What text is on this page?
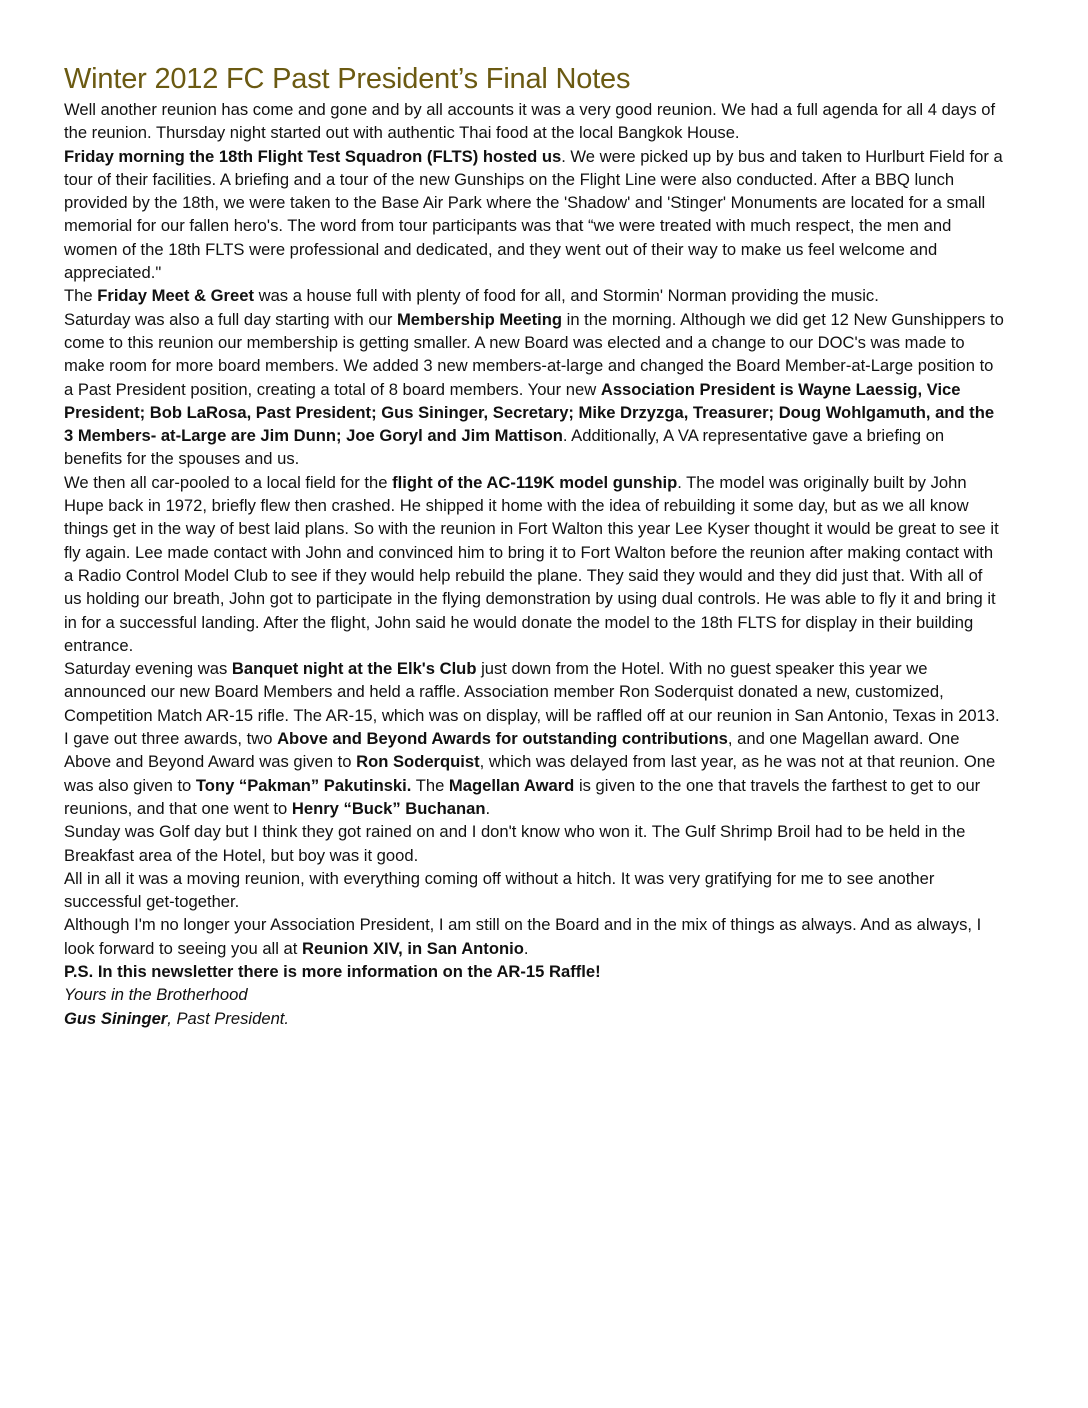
Winter 2012 FC Past President’s Final Notes

Well another reunion has come and gone and by all accounts it was a very good reunion. We had a full agenda for all 4 days of the reunion. Thursday night started out with authentic Thai food at the local Bangkok House.

Friday morning the 18th Flight Test Squadron (FLTS) hosted us. We were picked up by bus and taken to Hurlburt Field for a tour of their facilities. A briefing and a tour of the new Gunships on the Flight Line were also conducted. After a BBQ lunch provided by the 18th, we were taken to the Base Air Park where the 'Shadow' and 'Stinger' Monuments are located for a small memorial for our fallen hero's. The word from tour participants was that “we were treated with much respect, the men and women of the 18th FLTS were professional and dedicated, and they went out of their way to make us feel welcome and appreciated."

The Friday Meet & Greet was a house full with plenty of food for all, and Stormin' Norman providing the music.

Saturday was also a full day starting with our Membership Meeting in the morning. Although we did get 12 New Gunshippers to come to this reunion our membership is getting smaller. A new Board was elected and a change to our DOC's was made to make room for more board members. We added 3 new members-at-large and changed the Board Member-at-Large position to a Past President position, creating a total of 8 board members. Your new Association President is Wayne Laessig, Vice President; Bob LaRosa, Past President; Gus Sininger, Secretary; Mike Drzyzga, Treasurer; Doug Wohlgamuth, and the 3 Members- at-Large are Jim Dunn; Joe Goryl and Jim Mattison. Additionally, A VA representative gave a briefing on benefits for the spouses and us.

We then all car-pooled to a local field for the flight of the AC-119K model gunship. The model was originally built by John Hupe back in 1972, briefly flew then crashed. He shipped it home with the idea of rebuilding it some day, but as we all know things get in the way of best laid plans. So with the reunion in Fort Walton this year Lee Kyser thought it would be great to see it fly again. Lee made contact with John and convinced him to bring it to Fort Walton before the reunion after making contact with a Radio Control Model Club to see if they would help rebuild the plane. They said they would and they did just that. With all of us holding our breath, John got to participate in the flying demonstration by using dual controls. He was able to fly it and bring it in for a successful landing. After the flight, John said he would donate the model to the 18th FLTS for display in their building entrance.

Saturday evening was Banquet night at the Elk's Club just down from the Hotel. With no guest speaker this year we announced our new Board Members and held a raffle. Association member Ron Soderquist donated a new, customized, Competition Match AR-15 rifle. The AR-15, which was on display, will be raffled off at our reunion in San Antonio, Texas in 2013.

I gave out three awards, two Above and Beyond Awards for outstanding contributions, and one Magellan award. One Above and Beyond Award was given to Ron Soderquist, which was delayed from last year, as he was not at that reunion. One was also given to Tony “Pakman” Pakutinski. The Magellan Award is given to the one that travels the farthest to get to our reunions, and that one went to Henry “Buck” Buchanan.

Sunday was Golf day but I think they got rained on and I don't know who won it. The Gulf Shrimp Broil had to be held in the Breakfast area of the Hotel, but boy was it good.

All in all it was a moving reunion, with everything coming off without a hitch. It was very gratifying for me to see another successful get-together.

Although I'm no longer your Association President, I am still on the Board and in the mix of things as always. And as always, I look forward to seeing you all at Reunion XIV, in San Antonio.

P.S. In this newsletter there is more information on the AR-15 Raffle!

Yours in the Brotherhood

Gus Sininger, Past President.
